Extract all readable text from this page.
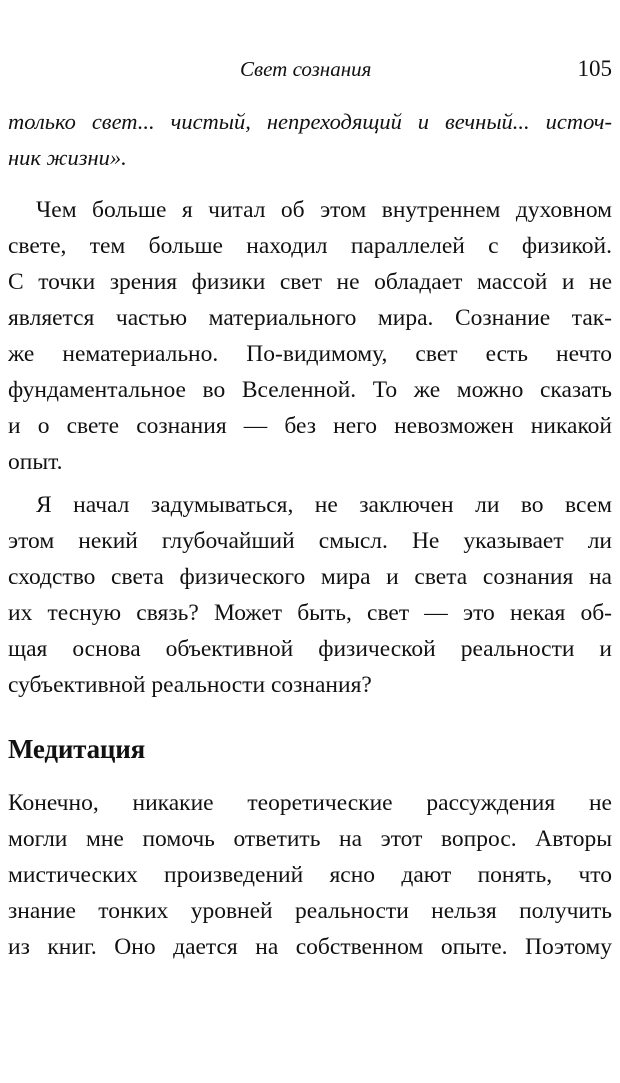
Свет сознания	105
только свет... чистый, непреходящий и вечный... источ-
ник жизни».
Чем больше я читал об этом внутреннем духовном
свете, тем больше находил параллелей с физикой.
С точки зрения физики свет не обладает массой и не
является частью материального мира. Сознание так-
же нематериально. По-видимому, свет есть нечто
фундаментальное во Вселенной. То же можно сказать
и о свете сознания — без него невозможен никакой
опыт.
Я начал задумываться, не заключен ли во всем
этом некий глубочайший смысл. Не указывает ли
сходство света физического мира и света сознания на
их тесную связь? Может быть, свет — это некая об-
щая основа объективной физической реальности и
субъективной реальности сознания?
Медитация
Конечно, никакие теоретические рассуждения не
могли мне помочь ответить на этот вопрос. Авторы
мистических произведений ясно дают понять, что
знание тонких уровней реальности нельзя получить
из книг. Оно дается на собственном опыте. Поэтому
